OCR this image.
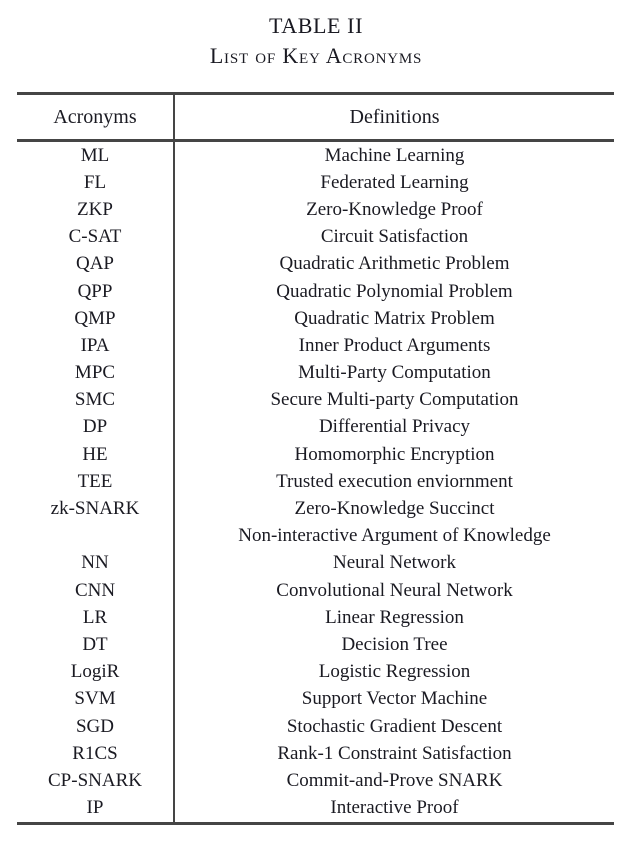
TABLE II
List of Key Acronyms
Acronyms	Definitions
ML	Machine Learning
FL	Federated Learning
ZKP	Zero-Knowledge Proof
C-SAT	Circuit Satisfaction
QAP	Quadratic Arithmetic Problem
QPP	Quadratic Polynomial Problem
QMP	Quadratic Matrix Problem
IPA	Inner Product Arguments
MPC	Multi-Party Computation
SMC	Secure Multi-party Computation
DP	Differential Privacy
HE	Homomorphic Encryption
TEE	Trusted execution enviornment
zk-SNARK	Zero-Knowledge Succinct
Non-interactive Argument of Knowledge
NN	Neural Network
CNN	Convolutional Neural Network
LR	Linear Regression
DT	Decision Tree
LogiR	Logistic Regression
SVM	Support Vector Machine
SGD	Stochastic Gradient Descent
R1CS	Rank-1 Constraint Satisfaction
CP-SNARK	Commit-and-Prove SNARK
IP	Interactive Proof
